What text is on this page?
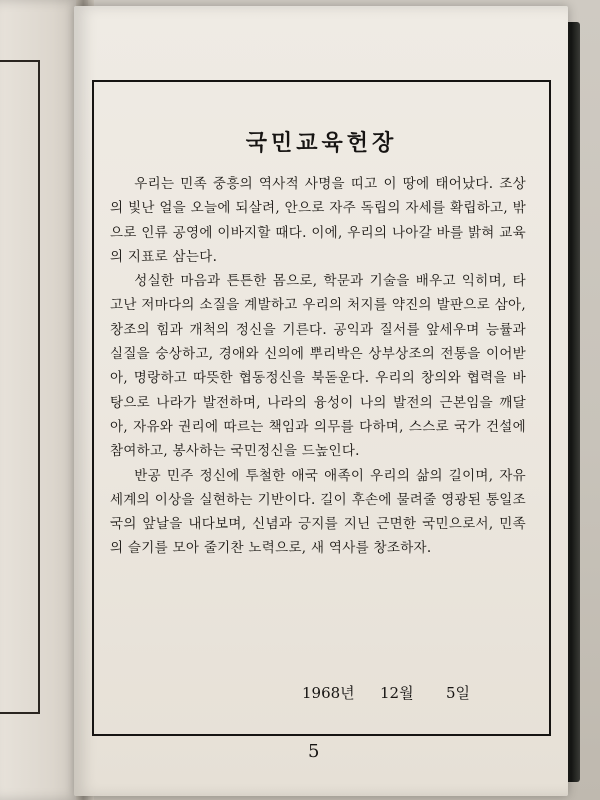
국민교육헌장

우리는 민족 중흥의 역사적 사명을 띠고 이 땅에 태어났다. 조상의 빛난 얼을 오늘에 되살려, 안으로 자주 독립의 자세를 확립하고, 밖으로 인류 공영에 이바지할 때다. 이에, 우리의 나아갈 바를 밝혀 교육의 지표로 삼는다.

성실한 마음과 튼튼한 몸으로, 학문과 기술을 배우고 익히며, 타고난 저마다의 소질을 계발하고 우리의 처지를 약진의 발판으로 삼아, 창조의 힘과 개척의 정신을 기른다. 공익과 질서를 앞세우며 능률과 실질을 숭상하고, 경애와 신의에 뿌리박은 상부상조의 전통을 이어받아, 명랑하고 따뜻한 협동정신을 북돋운다. 우리의 창의와 협력을 바탕으로 나라가 발전하며, 나라의 융성이 나의 발전의 근본임을 깨달아, 자유와 권리에 따르는 책임과 의무를 다하며, 스스로 국가 건설에 참여하고, 봉사하는 국민정신을 드높인다.

반공 민주 정신에 투철한 애국 애족이 우리의 삶의 길이며, 자유 세계의 이상을 실현하는 기반이다. 길이 후손에 물려줄 영광된 통일조국의 앞날을 내다보며, 신념과 긍지를 지닌 근면한 국민으로서, 민족의 슬기를 모아 줄기찬 노력으로, 새 역사를 창조하자.

1968년 12월 5일
5
